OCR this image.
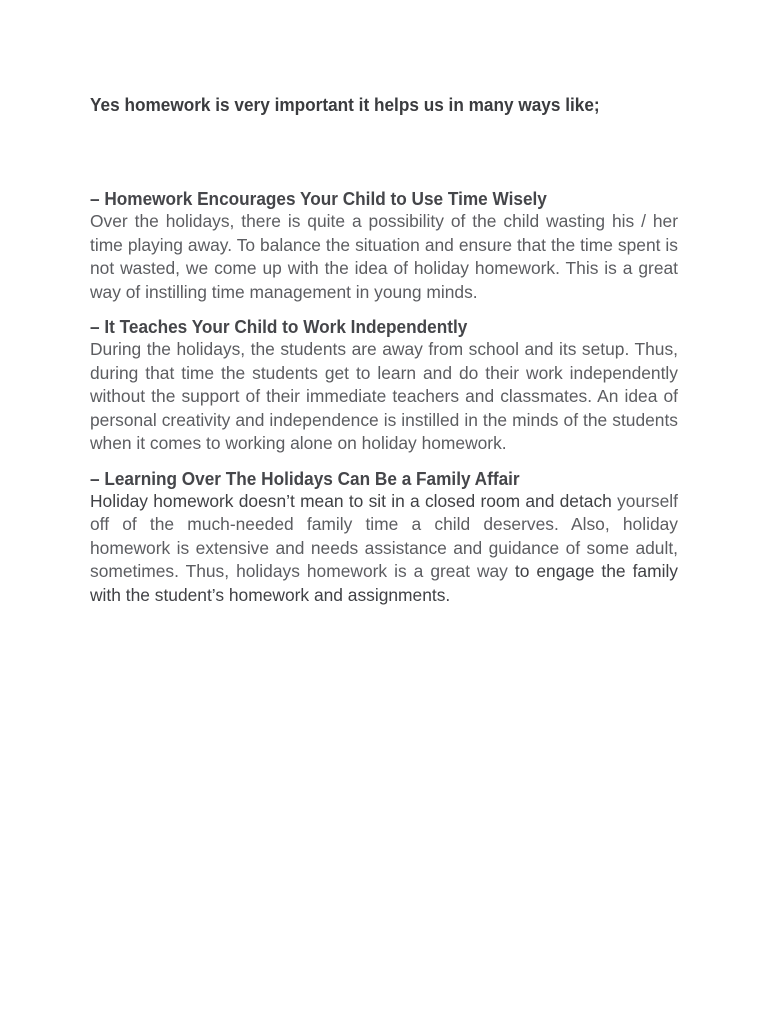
Yes homework is very important it helps us in many ways like;

– Homework Encourages Your Child to Use Time Wisely

Over the holidays, there is quite a possibility of the child wasting his / her time playing away. To balance the situation and ensure that the time spent is not wasted, we come up with the idea of holiday homework. This is a great way of instilling time management in young minds.

– It Teaches Your Child to Work Independently

During the holidays, the students are away from school and its setup. Thus, during that time the students get to learn and do their work independently without the support of their immediate teachers and classmates. An idea of personal creativity and independence is instilled in the minds of the students when it comes to working alone on holiday homework.

– Learning Over The Holidays Can Be a Family Affair

Holiday homework doesn’t mean to sit in a closed room and detach yourself off of the much-needed family time a child deserves. Also, holiday homework is extensive and needs assistance and guidance of some adult, sometimes. Thus, holidays homework is a great way to engage the family with the student’s homework and assignments.
